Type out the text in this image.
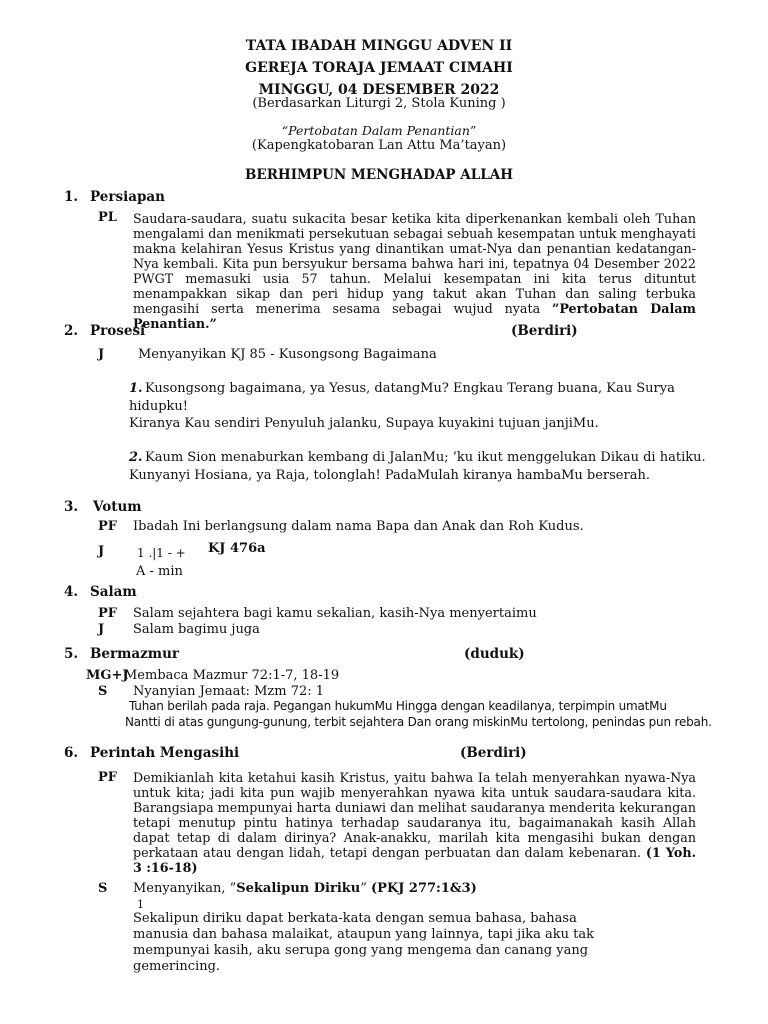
TATA IBADAH MINGGU ADVEN II
GEREJA TORAJA JEMAAT CIMAHI
MINGGU, 04 DESEMBER 2022
(Berdasarkan Liturgi 2, Stola Kuning )
“Pertobatan Dalam Penantian”
(Kapengkatobaran Lan Attu Ma’tayan)
BERHIMPUN MENGHADAP ALLAH
1. Persiapan
PL Saudara-saudara, suatu sukacita besar ketika kita diperkenankan kembali oleh Tuhan mengalami dan menikmati persekutuan sebagai sebuah kesempatan untuk menghayati makna kelahiran Yesus Kristus yang dinantikan umat-Nya dan penantian kedatangan-Nya kembali. Kita pun bersyukur bersama bahwa hari ini, tepatnya 04 Desember 2022 PWGT memasuki usia 57 tahun. Melalui kesempatan ini kita terus dituntut menampakkan sikap dan peri hidup yang takut akan Tuhan dan saling terbuka mengasihi serta menerima sesama sebagai wujud nyata ”Pertobatan Dalam Penantian.”
2. Prosesi	(Berdiri)
J	Menyanyikan KJ 85 - Kusongsong Bagaimana
1. Kusongsong bagaimana, ya Yesus, datangMu? Engkau Terang buana, Kau Surya
hidupku!
Kiranya Kau sendiri Penyuluh jalanku, Supaya kuyakini tujuan janjiMu.
2. Kaum Sion menaburkan kembang di JalanMu; ’ku ikut menggelukan Dikau di hatiku.
Kunyanyi Hosiana, ya Raja, tolonglah! PadaMulah kiranya hambaMu berserah.
3. Votum
PF Ibadah Ini berlangsung dalam nama Bapa dan Anak dan Roh Kudus.
J	1 .|1 - + KJ 476a
A - min
4. Salam
PF Salam sejahtera bagi kamu sekalian, kasih-Nya menyertaimu
J Salam bagimu juga
5. Bermazmur	(duduk)
MG+J
Membaca Mazmur 72:1-7, 18-19
S Nyanyian Jemaat: Mzm 72: 1
Tuhan berilah pada raja. Pegangan hukumMu Hingga dengan keadilanya, terpimpin umatMu
Nantti di atas gungung-gunung, terbit sejahtera Dan orang miskinMu tertolong, penindas pun rebah.
6. Perintah Mengasihi	(Berdiri)
PF Demikianlah kita ketahui kasih Kristus, yaitu bahwa Ia telah menyerahkan nyawa-Nya untuk kita; jadi kita pun wajib menyerahkan nyawa kita untuk saudara-saudara kita. Barangsiapa mempunyai harta duniawi dan melihat saudaranya menderita kekurangan tetapi menutup pintu hatinya terhadap saudaranya itu, bagaimanakah kasih Allah dapat tetap di dalam dirinya? Anak-anakku, marilah kita mengasihi bukan dengan perkataan atau dengan lidah, tetapi dengan perbuatan dan dalam kebenaran. (1 Yoh. 3 :16-18)
S Menyanyikan, ”Sekalipun Diriku” (PKJ 277:1&3)
1
Sekalipun diriku dapat berkata-kata dengan semua bahasa, bahasa
manusia dan bahasa malaikat, ataupun yang lainnya, tapi jika aku tak
mempunyai kasih, aku serupa gong yang mengema dan canang yang
gemerincing.
